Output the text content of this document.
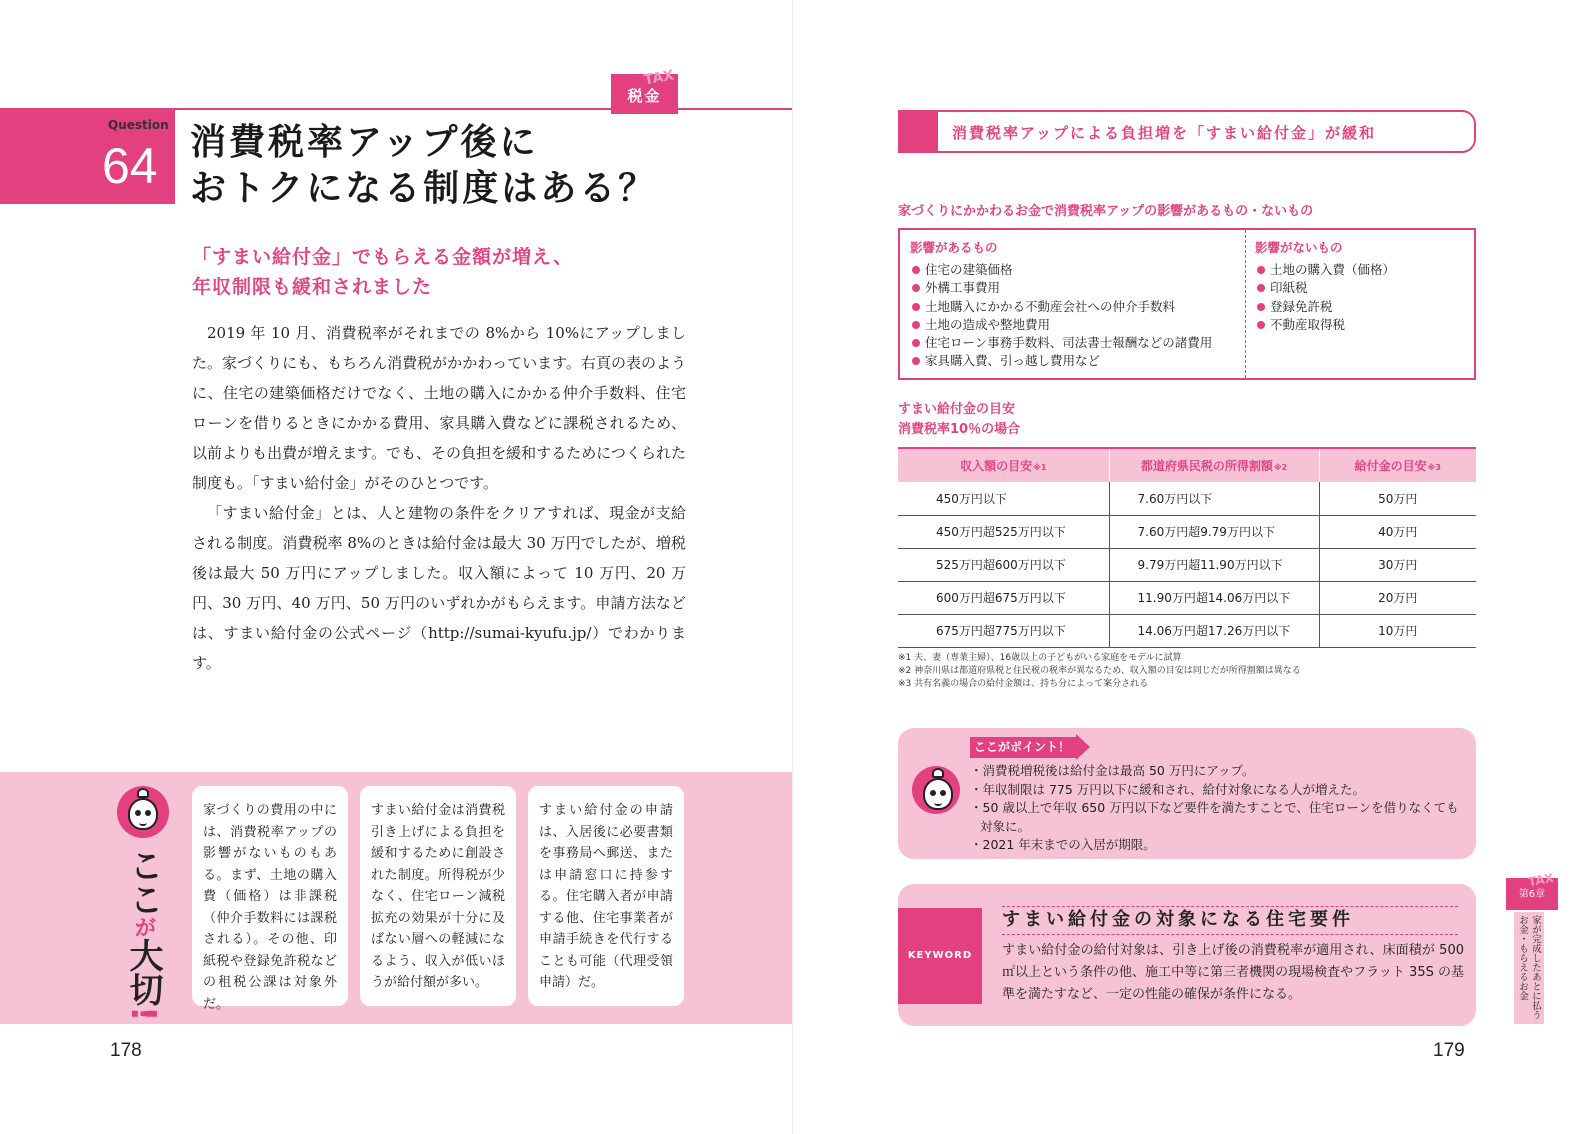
TAX
税金
Question
64 消費税率アップ後に
おトクになる制度はある？
「すまい給付金」でもらえる金額が増え、
年収制限も緩和されました

2019 年 10 月、消費税率がそれまでの 8%から 10%にアップしました。家づくりにも、もちろん消費税がかかわっています。右頁の表のように、住宅の建築価格だけでなく、土地の購入にかかる仲介手数料、住宅ローンを借りるときにかかる費用、家具購入費などに課税されるため、以前よりも出費が増えます。でも、その負担を緩和するためにつくられた制度も。「すまい給付金」がそのひとつです。

「すまい給付金」とは、人と建物の条件をクリアすれば、現金が支給される制度。消費税率 8%のときは給付金は最大 30 万円でしたが、増税後は最大 50 万円にアップしました。収入額によって 10 万円、20 万円、30 万円、40 万円、50 万円のいずれかがもらえます。申請方法などは、すまい給付金の公式ページ（http://sumai-kyufu.jp/）でわかります。

ここが大切!
家づくりの費用の中には、消費税率アップの影響がないものもある。まず、土地の購入費（価格）は非課税（仲介手数料には課税される）。その他、印紙税や登録免許税などの租税公課は対象外だ。
すまい給付金は消費税引き上げによる負担を緩和するために創設された制度。所得税が少なく、住宅ローン減税拡充の効果が十分に及ばない層への軽減になるよう、収入が低いほうが給付額が多い。
すまい給付金の申請は、入居後に必要書類を事務局へ郵送、または申請窓口に持参する。住宅購入者が申請する他、住宅事業者が申請手続きを代行することも可能（代理受領申請）だ。
178
消費税率アップによる負担増を「すまい給付金」が緩和
家づくりにかかわるお金で消費税率アップの影響があるもの・ないもの
影響があるもの
住宅の建築価格
外構工事費用
土地購入にかかる不動産会社への仲介手数料
土地の造成や整地費用
住宅ローン事務手数料、司法書士報酬などの諸費用
家具購入費、引っ越し費用など
影響がないもの
土地の購入費（価格）
印紙税
登録免許税
不動産取得税
すまい給付金の目安
消費税率10％の場合
収入額の目安※1	都道府県民税の所得割額※2	給付金の目安※3
450万円以下	7.60万円以下	50万円
450万円超525万円以下	7.60万円超9.79万円以下	40万円
525万円超600万円以下	9.79万円超11.90万円以下	30万円
600万円超675万円以下	11.90万円超14.06万円以下	20万円
675万円超775万円以下	14.06万円超17.26万円以下	10万円
※1 夫、妻（専業主婦）、16歳以上の子どもがいる家庭をモデルに試算
※2 神奈川県は都道府県税と住民税の税率が異なるため、収入額の目安は同じだが所得割額は異なる
※3 共有名義の場合の給付金額は、持ち分によって案分される
ここがポイント！
・消費税増税後は給付金は最高 50 万円にアップ。
・年収制限は 775 万円以下に緩和され、給付対象になる人が増えた。
・50 歳以上で年収 650 万円以下など要件を満たすことで、住宅ローンを借りなくても対象に。
・2021 年末までの入居が期限。
KEYWORD
すまい給付金の対象になる住宅要件
すまい給付金の給付対象は、引き上げ後の消費税率が適用され、床面積が 500㎡以上という条件の他、施工中等に第三者機関の現場検査やフラット 35S の基準を満たすなど、一定の性能の確保が条件になる。
TAX
第6章
家が完成したあとに払うお金・もらえるお金
179
